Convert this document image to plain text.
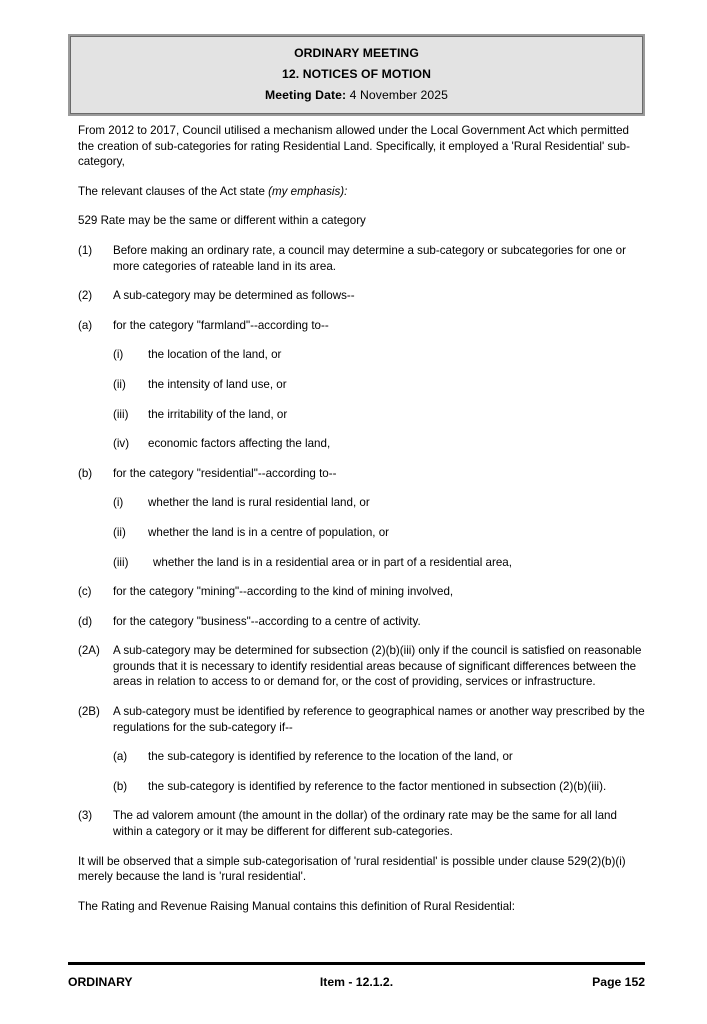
ORDINARY MEETING
12. NOTICES OF MOTION
Meeting Date: 4 November 2025

From 2012 to 2017, Council utilised a mechanism allowed under the Local Government Act which permitted the creation of sub-categories for rating Residential Land. Specifically, it employed a 'Rural Residential' sub-category,

The relevant clauses of the Act state (my emphasis):

529 Rate may be the same or different within a category

(1)	Before making an ordinary rate, a council may determine a sub-category or subcategories for one or more categories of rateable land in its area.
(2)	A sub-category may be determined as follows--
(a)	for the category "farmland"--according to--
(i)	the location of the land, or
(ii)	the intensity of land use, or
(iii)	the irritability of the land, or
(iv)	economic factors affecting the land,
(b)	for the category "residential"--according to--
(i)	whether the land is rural residential land, or
(ii)	whether the land is in a centre of population, or
(iii)	whether the land is in a residential area or in part of a residential area,
(c)	for the category "mining"--according to the kind of mining involved,
(d)	for the category "business"--according to a centre of activity.
(2A)	A sub-category may be determined for subsection (2)(b)(iii) only if the council is satisfied on reasonable grounds that it is necessary to identify residential areas because of significant differences between the areas in relation to access to or demand for, or the cost of providing, services or infrastructure.
(2B)	A sub-category must be identified by reference to geographical names or another way prescribed by the regulations for the sub-category if--
(a)	the sub-category is identified by reference to the location of the land, or
(b)	the sub-category is identified by reference to the factor mentioned in subsection (2)(b)(iii).
(3)	The ad valorem amount (the amount in the dollar) of the ordinary rate may be the same for all land within a category or it may be different for different sub-categories.

It will be observed that a simple sub-categorisation of 'rural residential' is possible under clause 529(2)(b)(i) merely because the land is 'rural residential'.

The Rating and Revenue Raising Manual contains this definition of Rural Residential:

ORDINARY	Item - 12.1.2.	Page 152
